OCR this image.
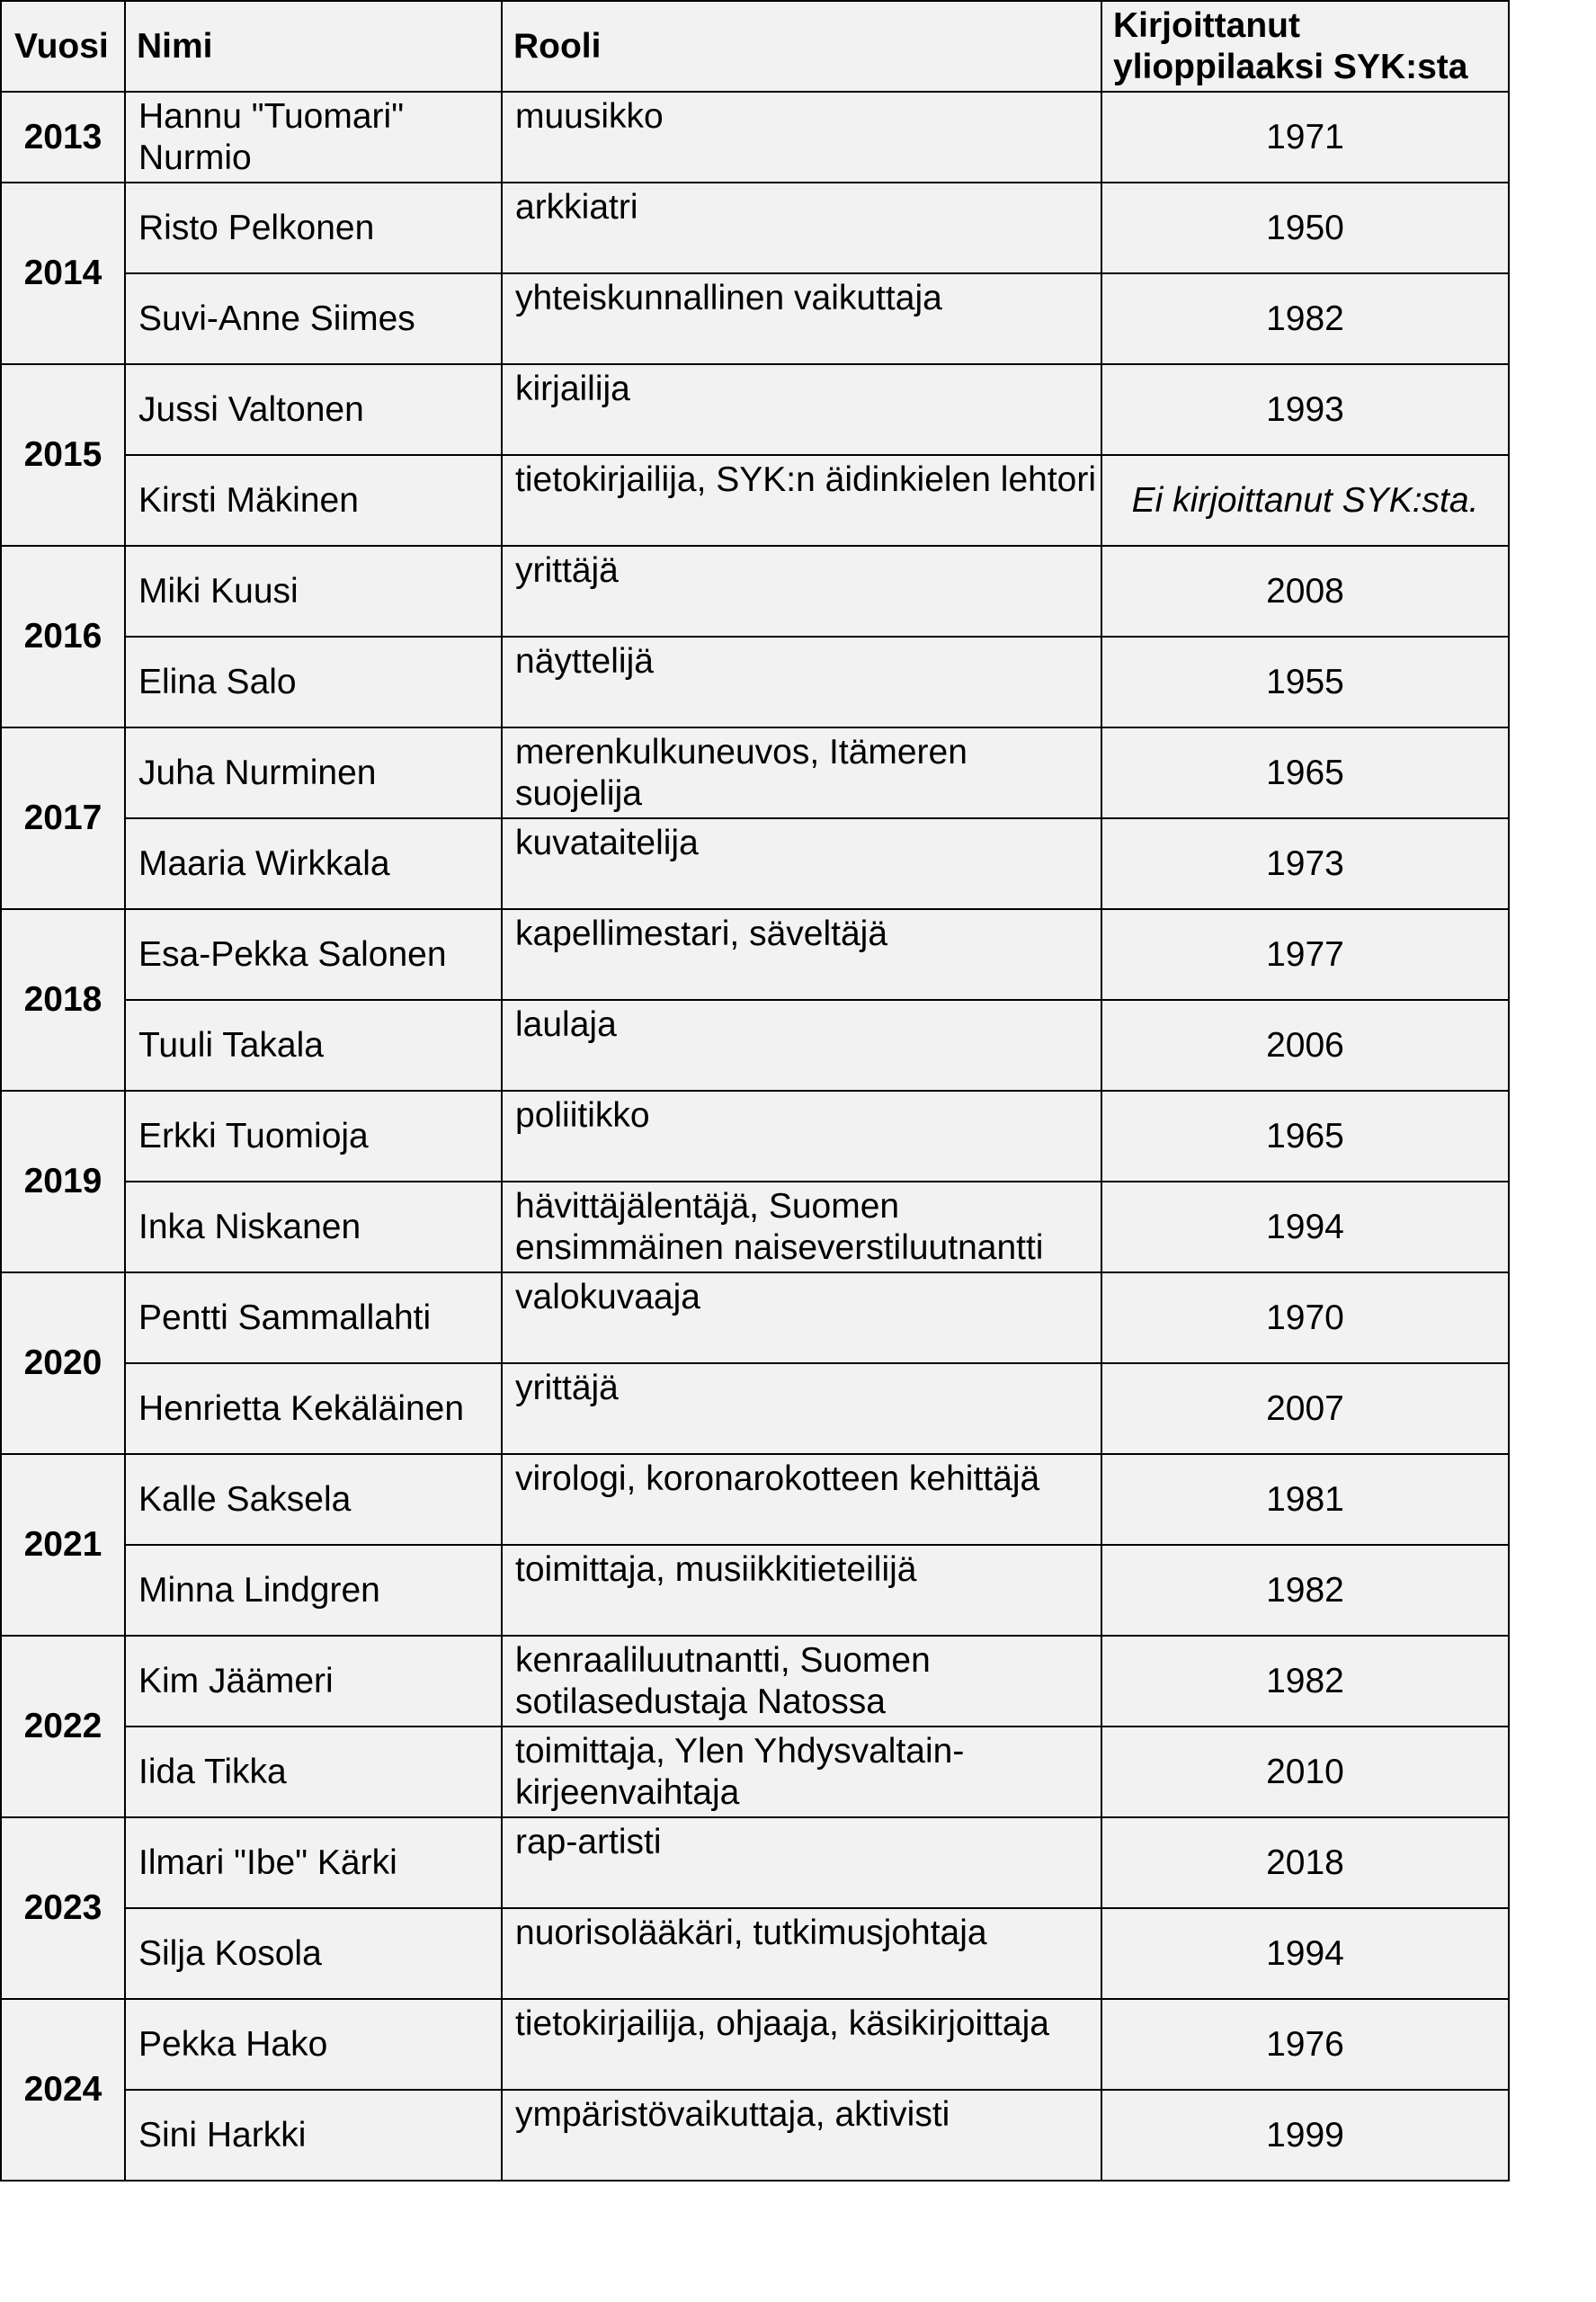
Vuosi	Nimi	Rooli	Kirjoittanut ylioppilaaksi SYK:sta
2013	Hannu "Tuomari" Nurmio	muusikko	1971
2014	Risto Pelkonen	arkkiatri	1950
	Suvi-Anne Siimes	yhteiskunnallinen vaikuttaja	1982
2015	Jussi Valtonen	kirjailija	1993
	Kirsti Mäkinen	tietokirjailija, SYK:n äidinkielen lehtori	Ei kirjoittanut SYK:sta.
2016	Miki Kuusi	yrittäjä	2008
	Elina Salo	näyttelijä	1955
2017	Juha Nurminen	merenkulkuneuvos, Itämeren suojelija	1965
	Maaria Wirkkala	kuvataitelija	1973
2018	Esa-Pekka Salonen	kapellimestari, säveltäjä	1977
	Tuuli Takala	laulaja	2006
2019	Erkki Tuomioja	poliitikko	1965
	Inka Niskanen	hävittäjälentäjä, Suomen ensimmäinen naiseverstiluutnantti	1994
2020	Pentti Sammallahti	valokuvaaja	1970
	Henrietta Kekäläinen	yrittäjä	2007
2021	Kalle Saksela	virologi, koronarokotteen kehittäjä	1981
	Minna Lindgren	toimittaja, musiikkitieteilijä	1982
2022	Kim Jäämeri	kenraaliluutnantti, Suomen sotilasedustaja Natossa	1982
	Iida Tikka	toimittaja, Ylen Yhdysvaltain-kirjeenvaihtaja	2010
2023	Ilmari "Ibe" Kärki	rap-artisti	2018
	Silja Kosola	nuorisolääkäri, tutkimusjohtaja	1994
2024	Pekka Hako	tietokirjailija, ohjaaja, käsikirjoittaja	1976
	Sini Harkki	ympäristövaikuttaja, aktivisti	1999
